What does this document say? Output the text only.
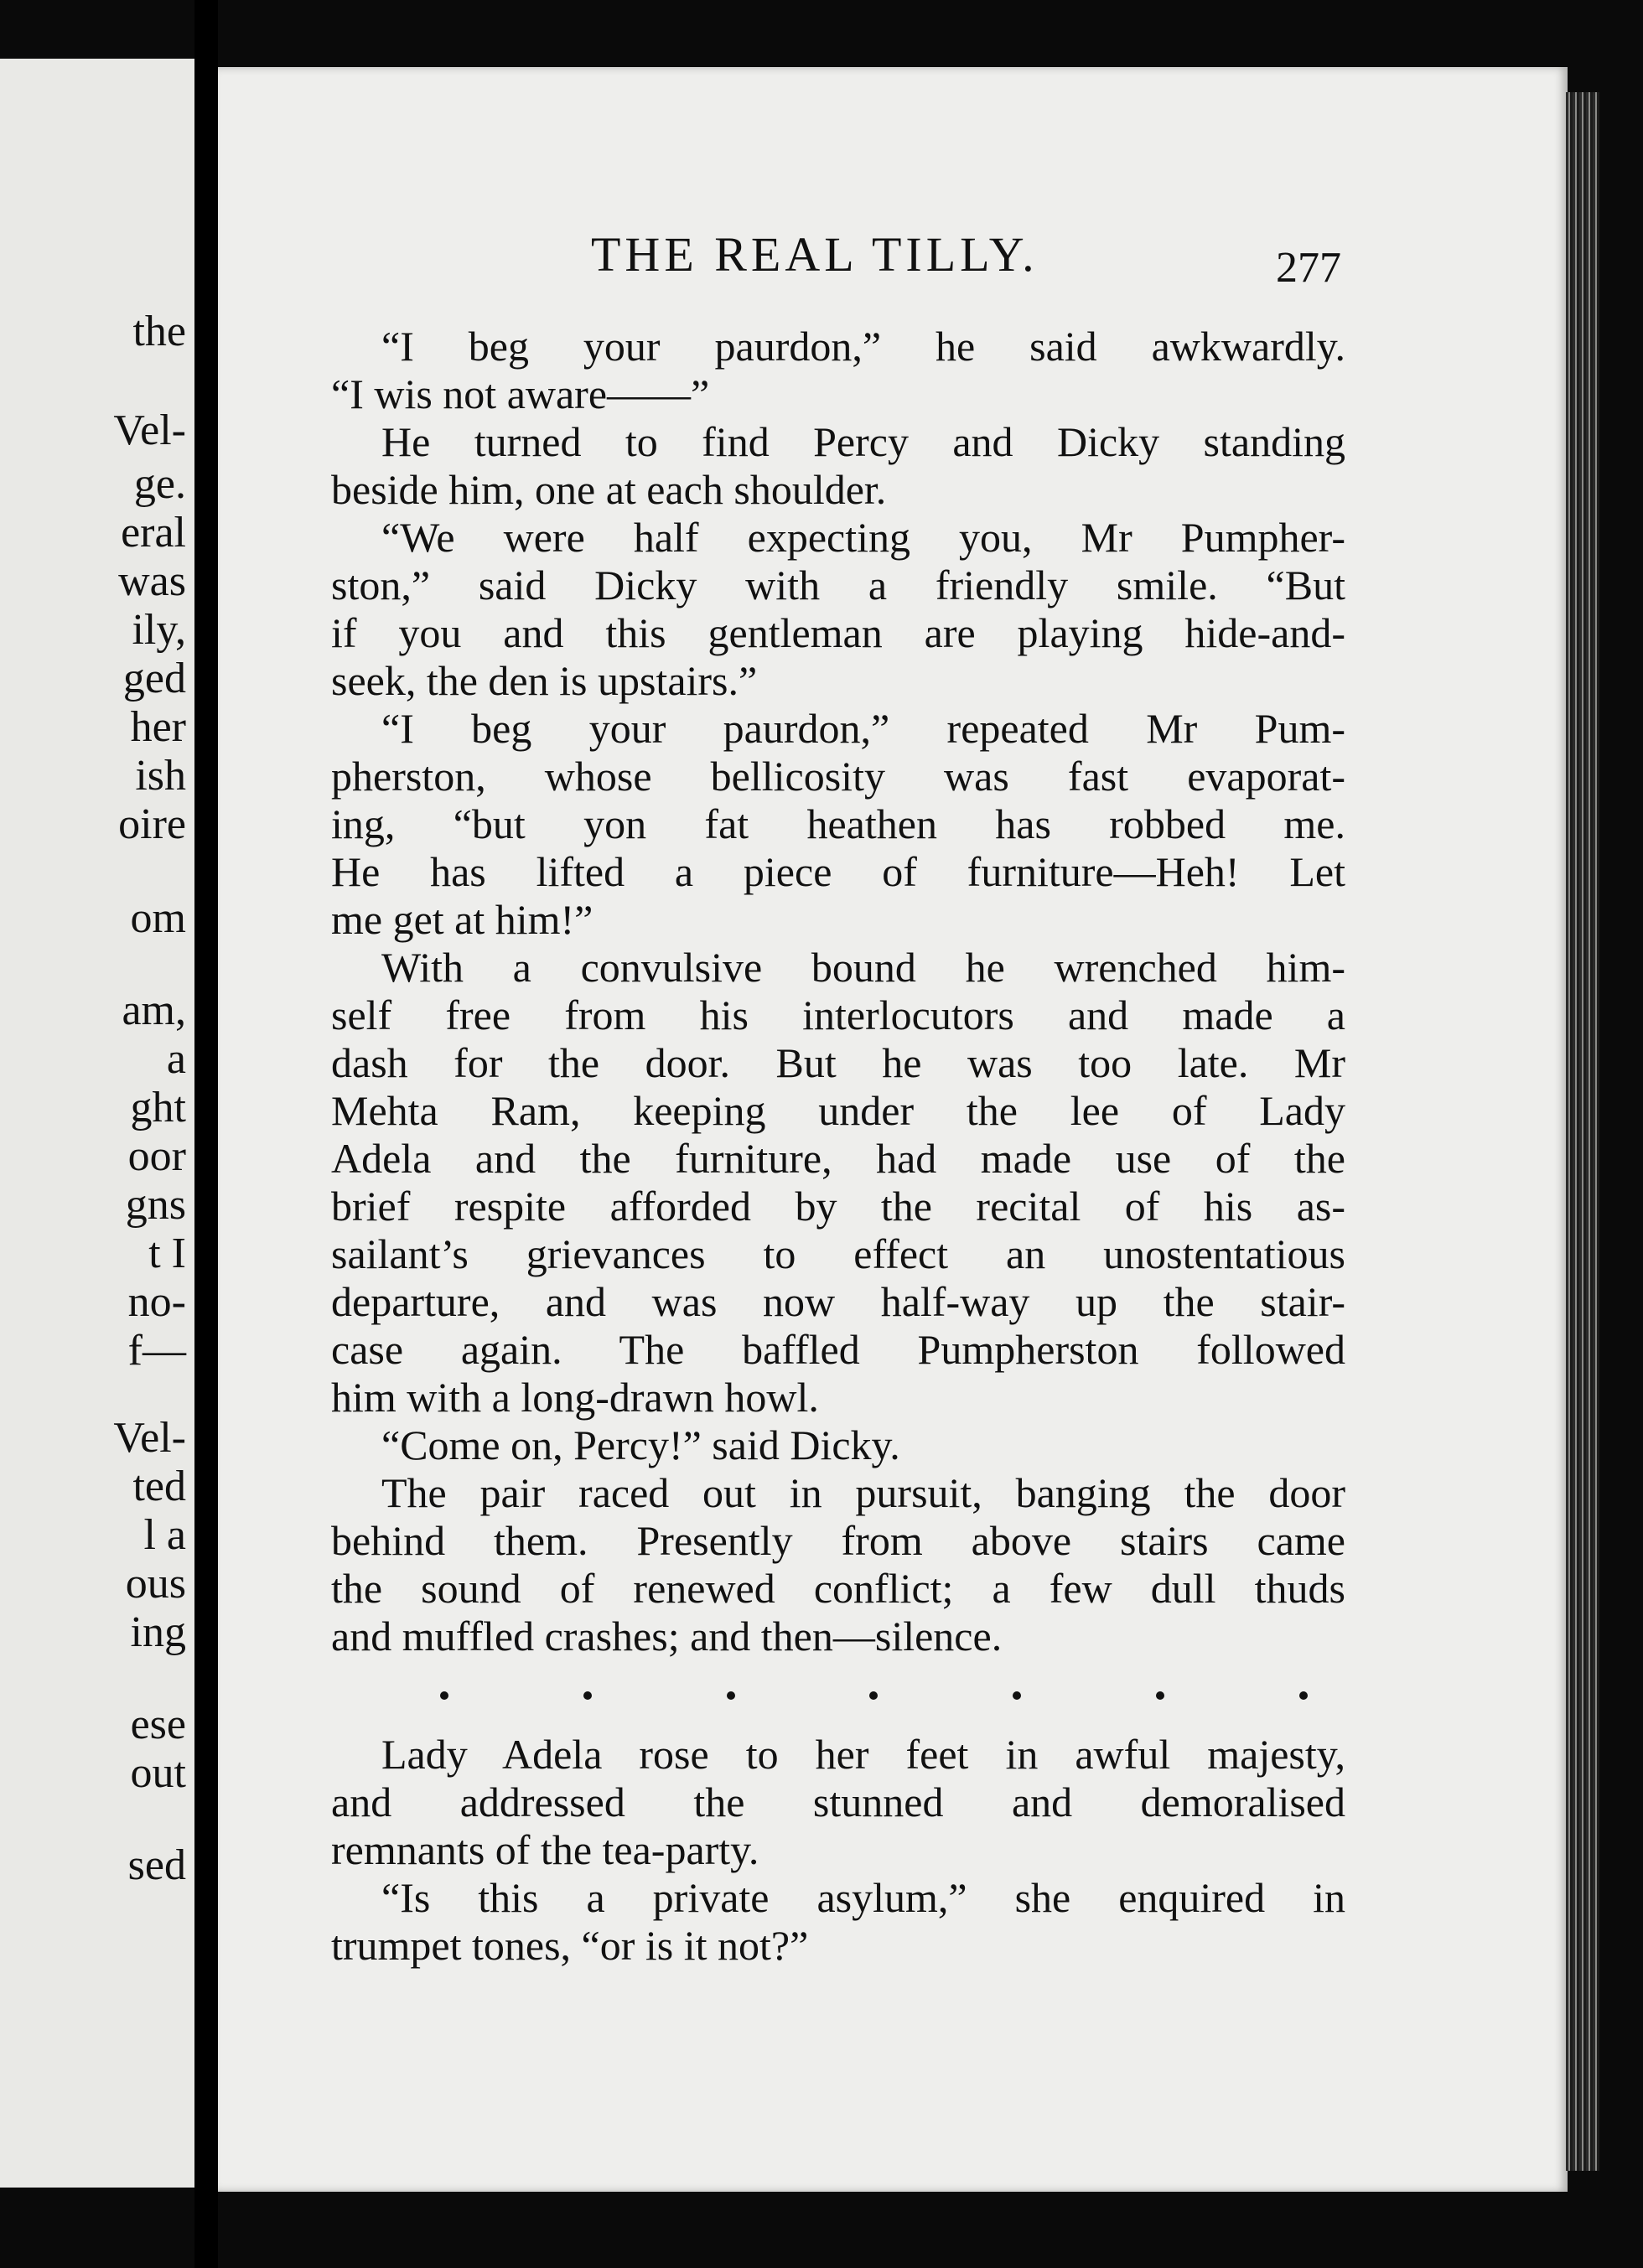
the
Vel-
ge.
eral
was
ily,
ged
her
ish
oire
om
am,
a
ght
oor
gns
t I
no-
f—
Vel-
ted
l a
ous
ing
ese
out
sed
THE REAL TILLY.	277
“I beg your paurdon,” he said awkwardly.
“I wis not aware——”
He turned to find Percy and Dicky standing
beside him, one at each shoulder.
“We were half expecting you, Mr Pumpher-
ston,” said Dicky with a friendly smile. “But
if you and this gentleman are playing hide-and-
seek, the den is upstairs.”
“I beg your paurdon,” repeated Mr Pum-
pherston, whose bellicosity was fast evaporat-
ing, “but yon fat heathen has robbed me.
He has lifted a piece of furniture—Heh! Let
me get at him!”
With a convulsive bound he wrenched him-
self free from his interlocutors and made a
dash for the door. But he was too late. Mr
Mehta Ram, keeping under the lee of Lady
Adela and the furniture, had made use of the
brief respite afforded by the recital of his as-
sailant’s grievances to effect an unostentatious
departure, and was now half-way up the stair-
case again. The baffled Pumpherston followed
him with a long-drawn howl.
“Come on, Percy!” said Dicky.
The pair raced out in pursuit, banging the door
behind them. Presently from above stairs came
the sound of renewed conflict; a few dull thuds
and muffled crashes; and then—silence.
Lady Adela rose to her feet in awful majesty,
and addressed the stunned and demoralised
remnants of the tea-party.
“Is this a private asylum,” she enquired in
trumpet tones, “or is it not?”
